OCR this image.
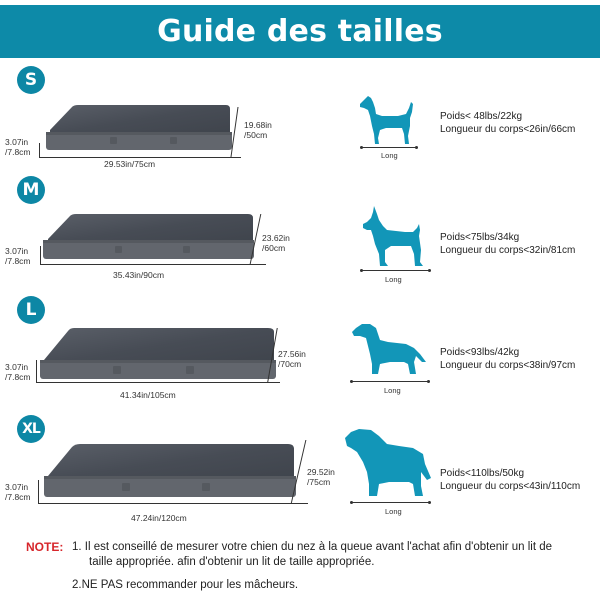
Guide des tailles
S
3.07in
/7.8cm
29.53in/75cm
19.68in
/50cm
Long
Poids< 48lbs/22kg
Longueur du corps<26in/66cm
M
3.07in
/7.8cm
35.43in/90cm
23.62in
/60cm
Long
Poids<75lbs/34kg
Longueur du corps<32in/81cm
L
3.07in
/7.8cm
41.34in/105cm
27.56in
/70cm
Long
Poids<93lbs/42kg
Longueur du corps<38in/97cm
XL
3.07in
/7.8cm
47.24in/120cm
29.52in
/75cm
Long
Poids<110lbs/50kg
Longueur du corps<43in/110cm
NOTE: 1. Il est conseillé de mesurer votre chien du nez à la queue avant l'achat afin d'obtenir un lit de
taille appropriée. afin d'obtenir un lit de taille appropriée.
2.NE PAS recommander pour les mâcheurs.
